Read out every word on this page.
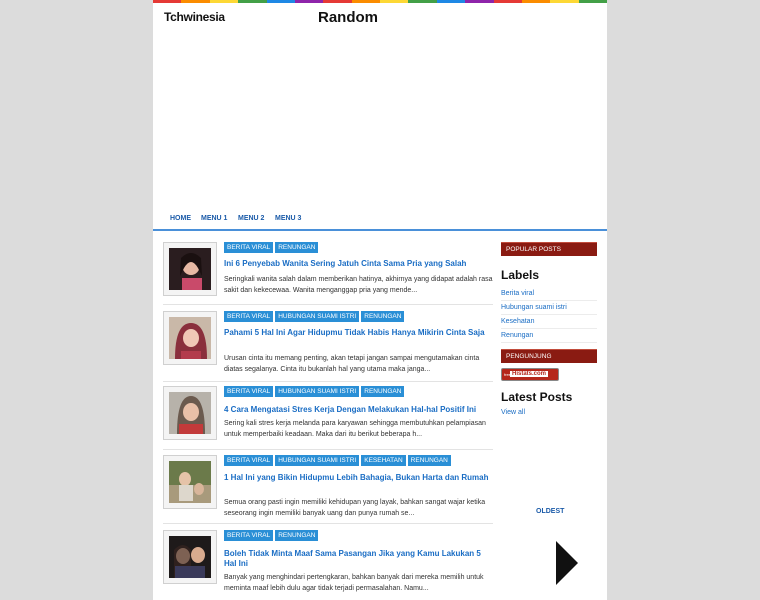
Tchwinesia	Random
HOME MENU 1 MENU 2 MENU 3
BERITA VIRAL	RENUNGAN
Ini 6 Penyebab Wanita Sering Jatuh Cinta Sama Pria yang Salah
Seringkali wanita salah dalam memberikan hatinya, akhirnya yang didapat adalah rasa sakit dan kekecewaa. Wanita menganggap pria yang mende...
BERITA VIRAL	HUBUNGAN SUAMI ISTRI	RENUNGAN
Pahami 5 Hal Ini Agar Hidupmu Tidak Habis Hanya Mikirin Cinta Saja
Urusan cinta itu memang penting, akan tetapi jangan sampai mengutamakan cinta diatas segalanya. Cinta itu bukanlah hal yang utama maka janga...
BERITA VIRAL	HUBUNGAN SUAMI ISTRI	RENUNGAN
4 Cara Mengatasi Stres Kerja Dengan Melakukan Hal-hal Positif Ini
Sering kali stres kerja melanda para karyawan sehingga membutuhkan pelampiasan untuk memperbaiki keadaan. Maka dari itu berikut beberapa h...
BERITA VIRAL	HUBUNGAN SUAMI ISTRI	KESEHATAN	RENUNGAN
1 Hal Ini yang Bikin Hidupmu Lebih Bahagia, Bukan Harta dan Rumah
Semua orang pasti ingin memiliki kehidupan yang layak, bahkan sangat wajar ketika seseorang ingin memiliki banyak uang dan punya rumah se...
BERITA VIRAL	RENUNGAN
Boleh Tidak Minta Maaf Sama Pasangan Jika yang Kamu Lakukan 5 Hal Ini
Banyak yang menghindari pertengkaran, bahkan banyak dari mereka memilih untuk meminta maaf lebih dulu agar tidak terjadi permasalahan. Namu...
POPULAR POSTS
Labels
Berita viral
Hubungan suami istri
Kesehatan
Renungan
PENGUNJUNG
free Histats.com
Latest Posts
View all
OLDEST
